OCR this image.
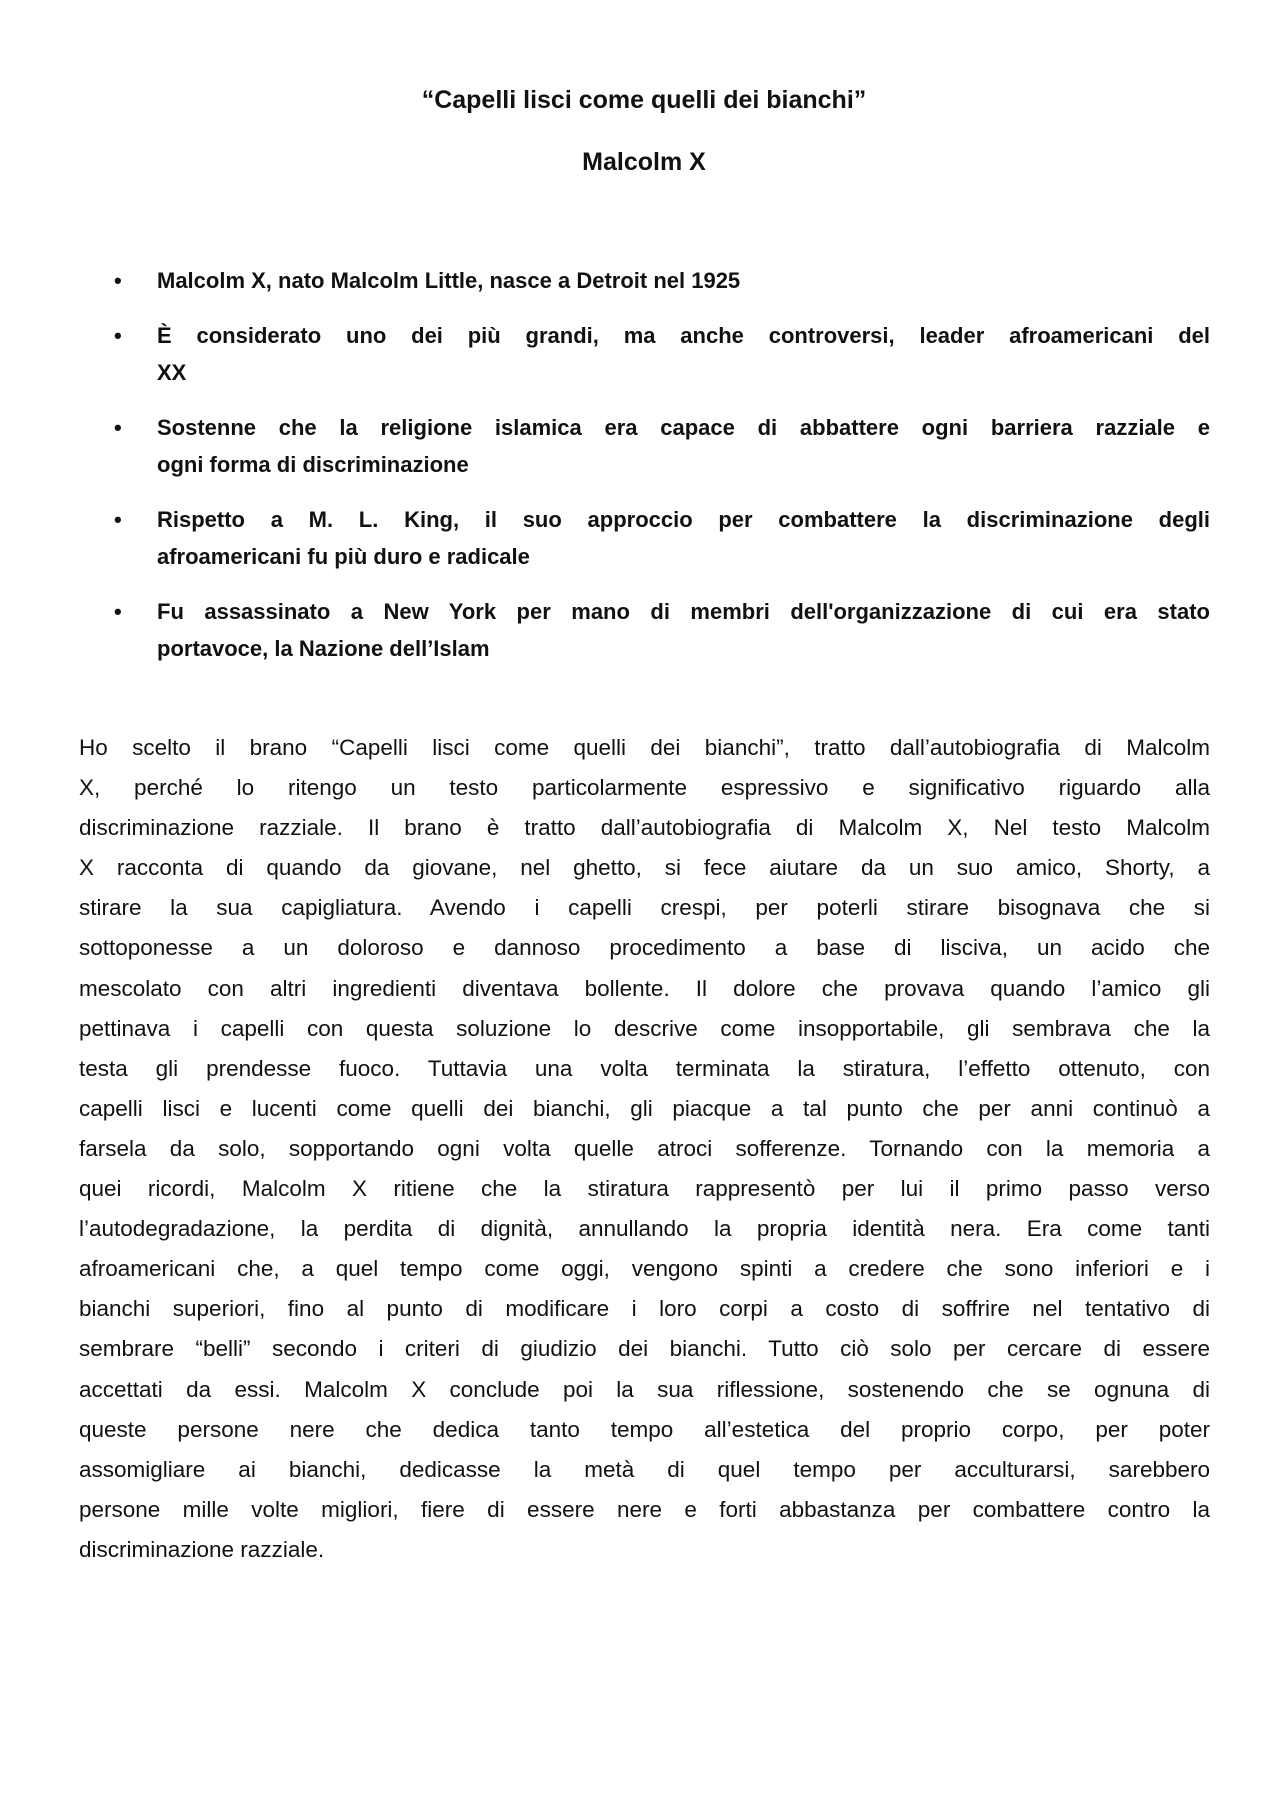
“Capelli lisci come quelli dei bianchi”
Malcolm X
• Malcolm X, nato Malcolm Little, nasce a Detroit nel 1925
• È considerato uno dei più grandi, ma anche controversi, leader afroamericani del
XX
• Sostenne che la religione islamica era capace di abbattere ogni barriera razziale e
ogni forma di discriminazione
• Rispetto a M. L. King, il suo approccio per combattere la discriminazione degli
afroamericani fu più duro e radicale
• Fu assassinato a New York per mano di membri dell'organizzazione di cui era stato
portavoce, la Nazione dell’Islam
Ho scelto il brano “Capelli lisci come quelli dei bianchi”, tratto dall’autobiografia di Malcolm
X, perché lo ritengo un testo particolarmente espressivo e significativo riguardo alla
discriminazione razziale. Il brano è tratto dall’autobiografia di Malcolm X, Nel testo Malcolm
X racconta di quando da giovane, nel ghetto, si fece aiutare da un suo amico, Shorty, a
stirare la sua capigliatura. Avendo i capelli crespi, per poterli stirare bisognava che si
sottoponesse a un doloroso e dannoso procedimento a base di lisciva, un acido che
mescolato con altri ingredienti diventava bollente. Il dolore che provava quando l’amico gli
pettinava i capelli con questa soluzione lo descrive come insopportabile, gli sembrava che la
testa gli prendesse fuoco. Tuttavia una volta terminata la stiratura, l’effetto ottenuto, con
capelli lisci e lucenti come quelli dei bianchi, gli piacque a tal punto che per anni continuò a
farsela da solo, sopportando ogni volta quelle atroci sofferenze. Tornando con la memoria a
quei ricordi, Malcolm X ritiene che la stiratura rappresentò per lui il primo passo verso
l’autodegradazione, la perdita di dignità, annullando la propria identità nera. Era come tanti
afroamericani che, a quel tempo come oggi, vengono spinti a credere che sono inferiori e i
bianchi superiori, fino al punto di modificare i loro corpi a costo di soffrire nel tentativo di
sembrare “belli” secondo i criteri di giudizio dei bianchi. Tutto ciò solo per cercare di essere
accettati da essi. Malcolm X conclude poi la sua riflessione, sostenendo che se ognuna di
queste persone nere che dedica tanto tempo all’estetica del proprio corpo, per poter
assomigliare ai bianchi, dedicasse la metà di quel tempo per acculturarsi, sarebbero
persone mille volte migliori, fiere di essere nere e forti abbastanza per combattere contro la
discriminazione razziale.
